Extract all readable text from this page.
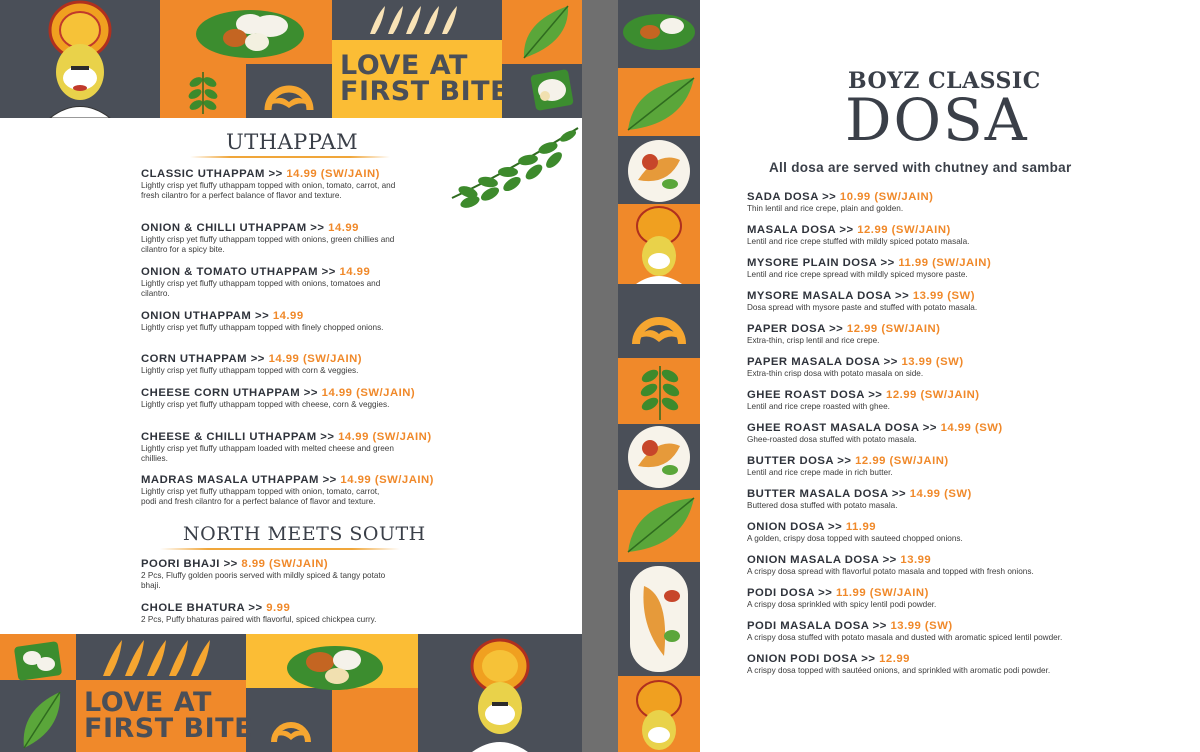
LOVE AT
FIRST BITE
UTHAPPAM
CLASSIC UTHAPPAM >> 14.99 (SW/JAIN)
Lightly crisp yet fluffy uthappam topped with onion, tomato, carrot, and fresh cilantro for a perfect balance of flavor and texture.
ONION & CHILLI UTHAPPAM >> 14.99
Lightly crisp yet fluffy uthappam topped with onions, green chillies and cilantro for a spicy bite.
ONION & TOMATO UTHAPPAM >> 14.99
Lightly crisp yet fluffy uthappam topped with onions, tomatoes and cilantro.
ONION UTHAPPAM >> 14.99
Lightly crisp yet fluffy uthappam topped with finely chopped onions.
CORN UTHAPPAM >> 14.99 (SW/JAIN)
Lightly crisp yet fluffy uthappam topped with corn & veggies.
CHEESE CORN UTHAPPAM >> 14.99 (SW/JAIN)
Lightly crisp yet fluffy uthappam topped with cheese, corn & veggies.
CHEESE & CHILLI UTHAPPAM >> 14.99 (SW/JAIN)
Lightly crisp yet fluffy uthappam loaded with melted cheese and green chillies.
MADRAS MASALA UTHAPPAM >> 14.99 (SW/JAIN)
Lightly crisp yet fluffy uthappam topped with onion, tomato, carrot, podi and fresh cilantro for a perfect balance of flavor and texture.
NORTH MEETS SOUTH
POORI BHAJI >> 8.99 (SW/JAIN)
2 Pcs, Fluffy golden pooris served with mildly spiced & tangy potato bhaji.
CHOLE BHATURA >> 9.99
2 Pcs, Puffy bhaturas paired with flavorful, spiced chickpea curry.
LOVE AT
FIRST BITE
BOYZ CLASSIC
DOSA
All dosa are served with chutney and sambar
SADA DOSA >> 10.99 (SW/JAIN)
Thin lentil and rice crepe, plain and golden.
MASALA DOSA >> 12.99 (SW/JAIN)
Lentil and rice crepe stuffed with mildly spiced potato masala.
MYSORE PLAIN DOSA >> 11.99 (SW/JAIN)
Lentil and rice crepe spread with mildly spiced mysore paste.
MYSORE MASALA DOSA >> 13.99 (SW)
Dosa spread with mysore paste and stuffed with potato masala.
PAPER DOSA >> 12.99 (SW/JAIN)
Extra-thin, crisp lentil and rice crepe.
PAPER MASALA DOSA >> 13.99 (SW)
Extra-thin crisp dosa with potato masala on side.
GHEE ROAST DOSA >> 12.99 (SW/JAIN)
Lentil and rice crepe roasted with ghee.
GHEE ROAST MASALA DOSA >> 14.99 (SW)
Ghee-roasted dosa stuffed with potato masala.
BUTTER DOSA >> 12.99 (SW/JAIN)
Lentil and rice crepe made in rich butter.
BUTTER MASALA DOSA >> 14.99 (SW)
Buttered dosa stuffed with potato masala.
ONION DOSA >> 11.99
A golden, crispy dosa topped with sauteed chopped onions.
ONION MASALA DOSA >> 13.99
A crispy dosa spread with flavorful potato masala and topped with fresh onions.
PODI DOSA >> 11.99 (SW/JAIN)
A crispy dosa sprinkled with spicy lentil podi powder.
PODI MASALA DOSA >> 13.99 (SW)
A crispy dosa stuffed with potato masala and dusted with aromatic spiced lentil powder.
ONION PODI DOSA >> 12.99
A crispy dosa topped with sautéed onions, and sprinkled with aromatic podi powder.
